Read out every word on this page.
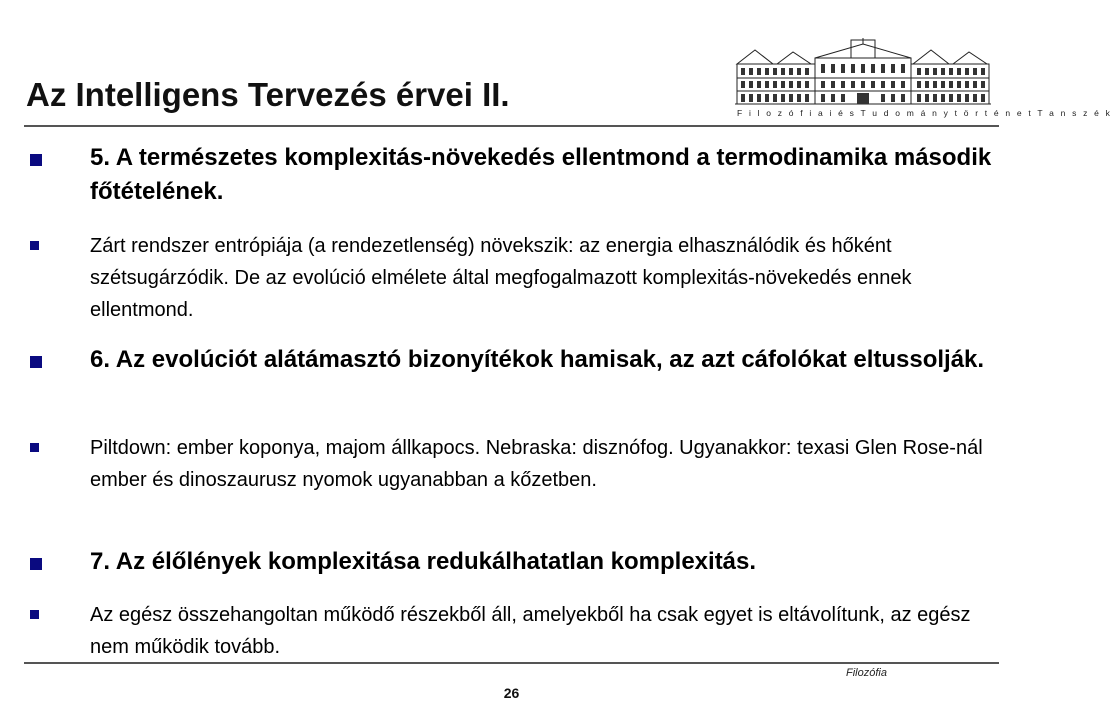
Az Intelligens Tervezés érvei II.	F i l o z ó f i a i é s T u d o m á n y t ö r t é n e t T a n s z é k
5. A természetes komplexitás-növekedés ellentmond a termodinamika második főtételének.
Zárt rendszer entrópiája (a rendezetlenség) növekszik: az energia elhasználódik és hőként szétsugárzódik. De az evolúció elmélete által megfogalmazott komplexitás-növekedés ennek ellentmond.
6. Az evolúciót alátámasztó bizonyítékok hamisak, az azt cáfolókat eltussolják.
Piltdown: ember koponya, majom állkapocs. Nebraska: disznófog. Ugyanakkor: texasi Glen Rose-nál ember és dinoszaurusz nyomok ugyanabban a kőzetben.
7. Az élőlények komplexitása redukálhatatlan komplexitás.
Az egész összehangoltan működő részekből áll, amelyekből ha csak egyet is eltávolítunk, az egész nem működik tovább.
Filozófia
26
